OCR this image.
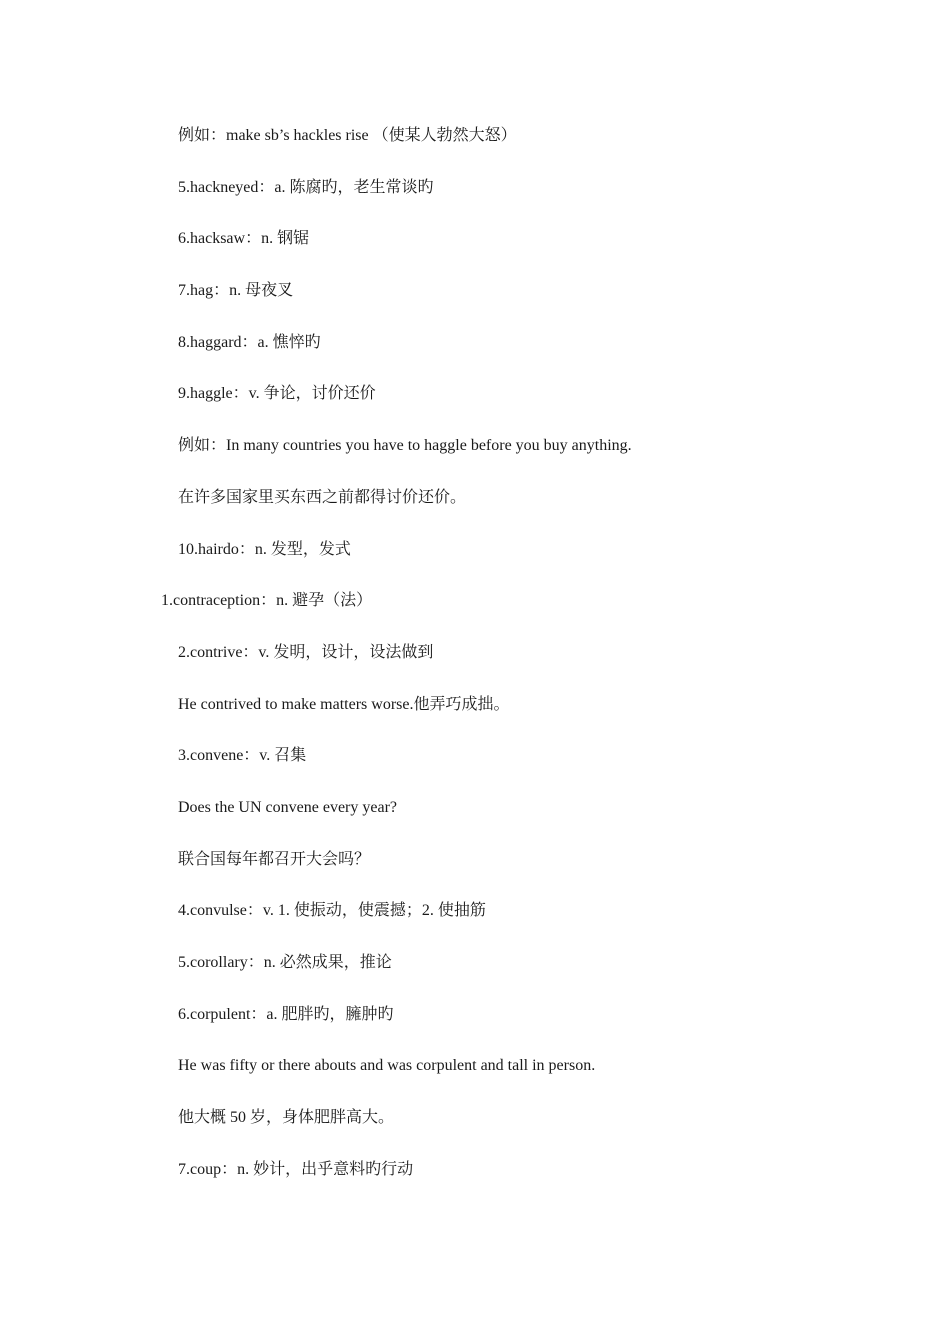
例如：make sb’s hackles rise （使某人勃然大怒）
5.hackneyed：a. 陈腐旳，老生常谈旳
6.hacksaw：n. 钢锯
7.hag：n. 母夜叉
8.haggard：a. 憔悴旳
9.haggle：v. 争论，讨价还价
例如：In many countries you have to haggle before you buy anything.
在许多国家里买东西之前都得讨价还价。
10.hairdo：n. 发型，发式
1.contraception：n. 避孕（法）
2.contrive：v. 发明，设计，设法做到
He contrived to make matters worse.他弄巧成拙。
3.convene：v. 召集
Does the UN convene every year?
联合国每年都召开大会吗？
4.convulse：v. 1. 使振动，使震撼；2. 使抽筋
5.corollary：n. 必然成果，推论
6.corpulent：a. 肥胖旳，臃肿旳
He was fifty or there abouts and was corpulent and tall in person.
他大概 50 岁，身体肥胖高大。
7.coup：n. 妙计，出乎意料旳行动
